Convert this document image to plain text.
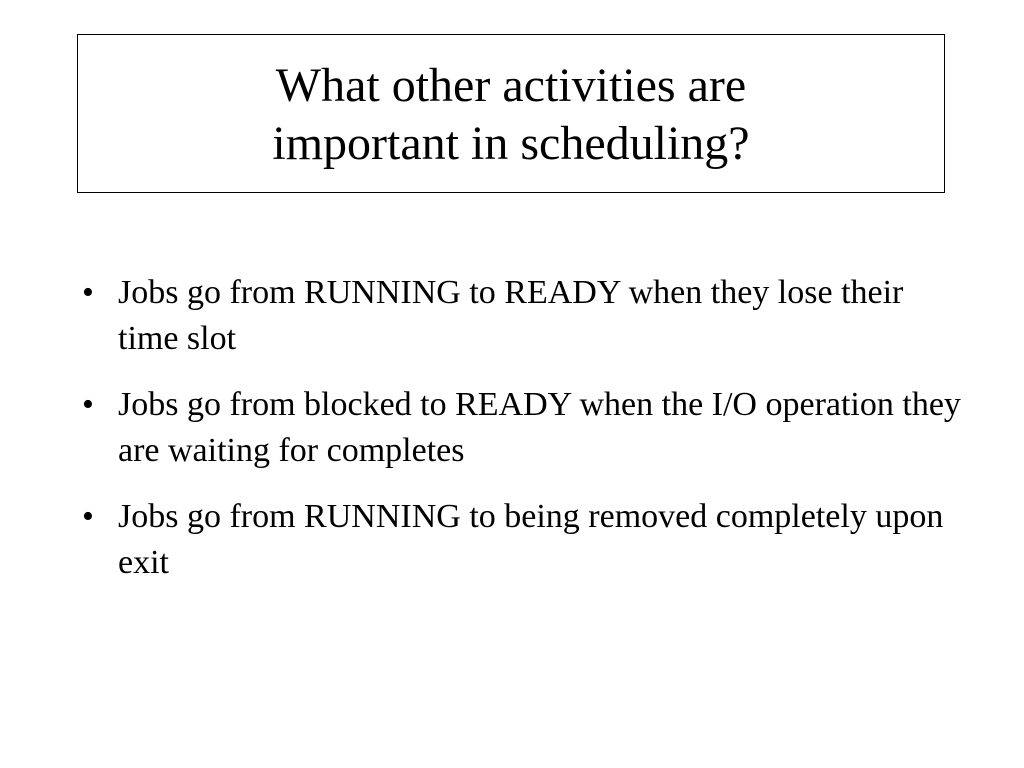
What other activities are
important in scheduling?
• Jobs go from RUNNING to READY when they lose their time slot
• Jobs go from blocked to READY when the I/O operation they are waiting for completes
• Jobs go from RUNNING to being removed completely upon exit
